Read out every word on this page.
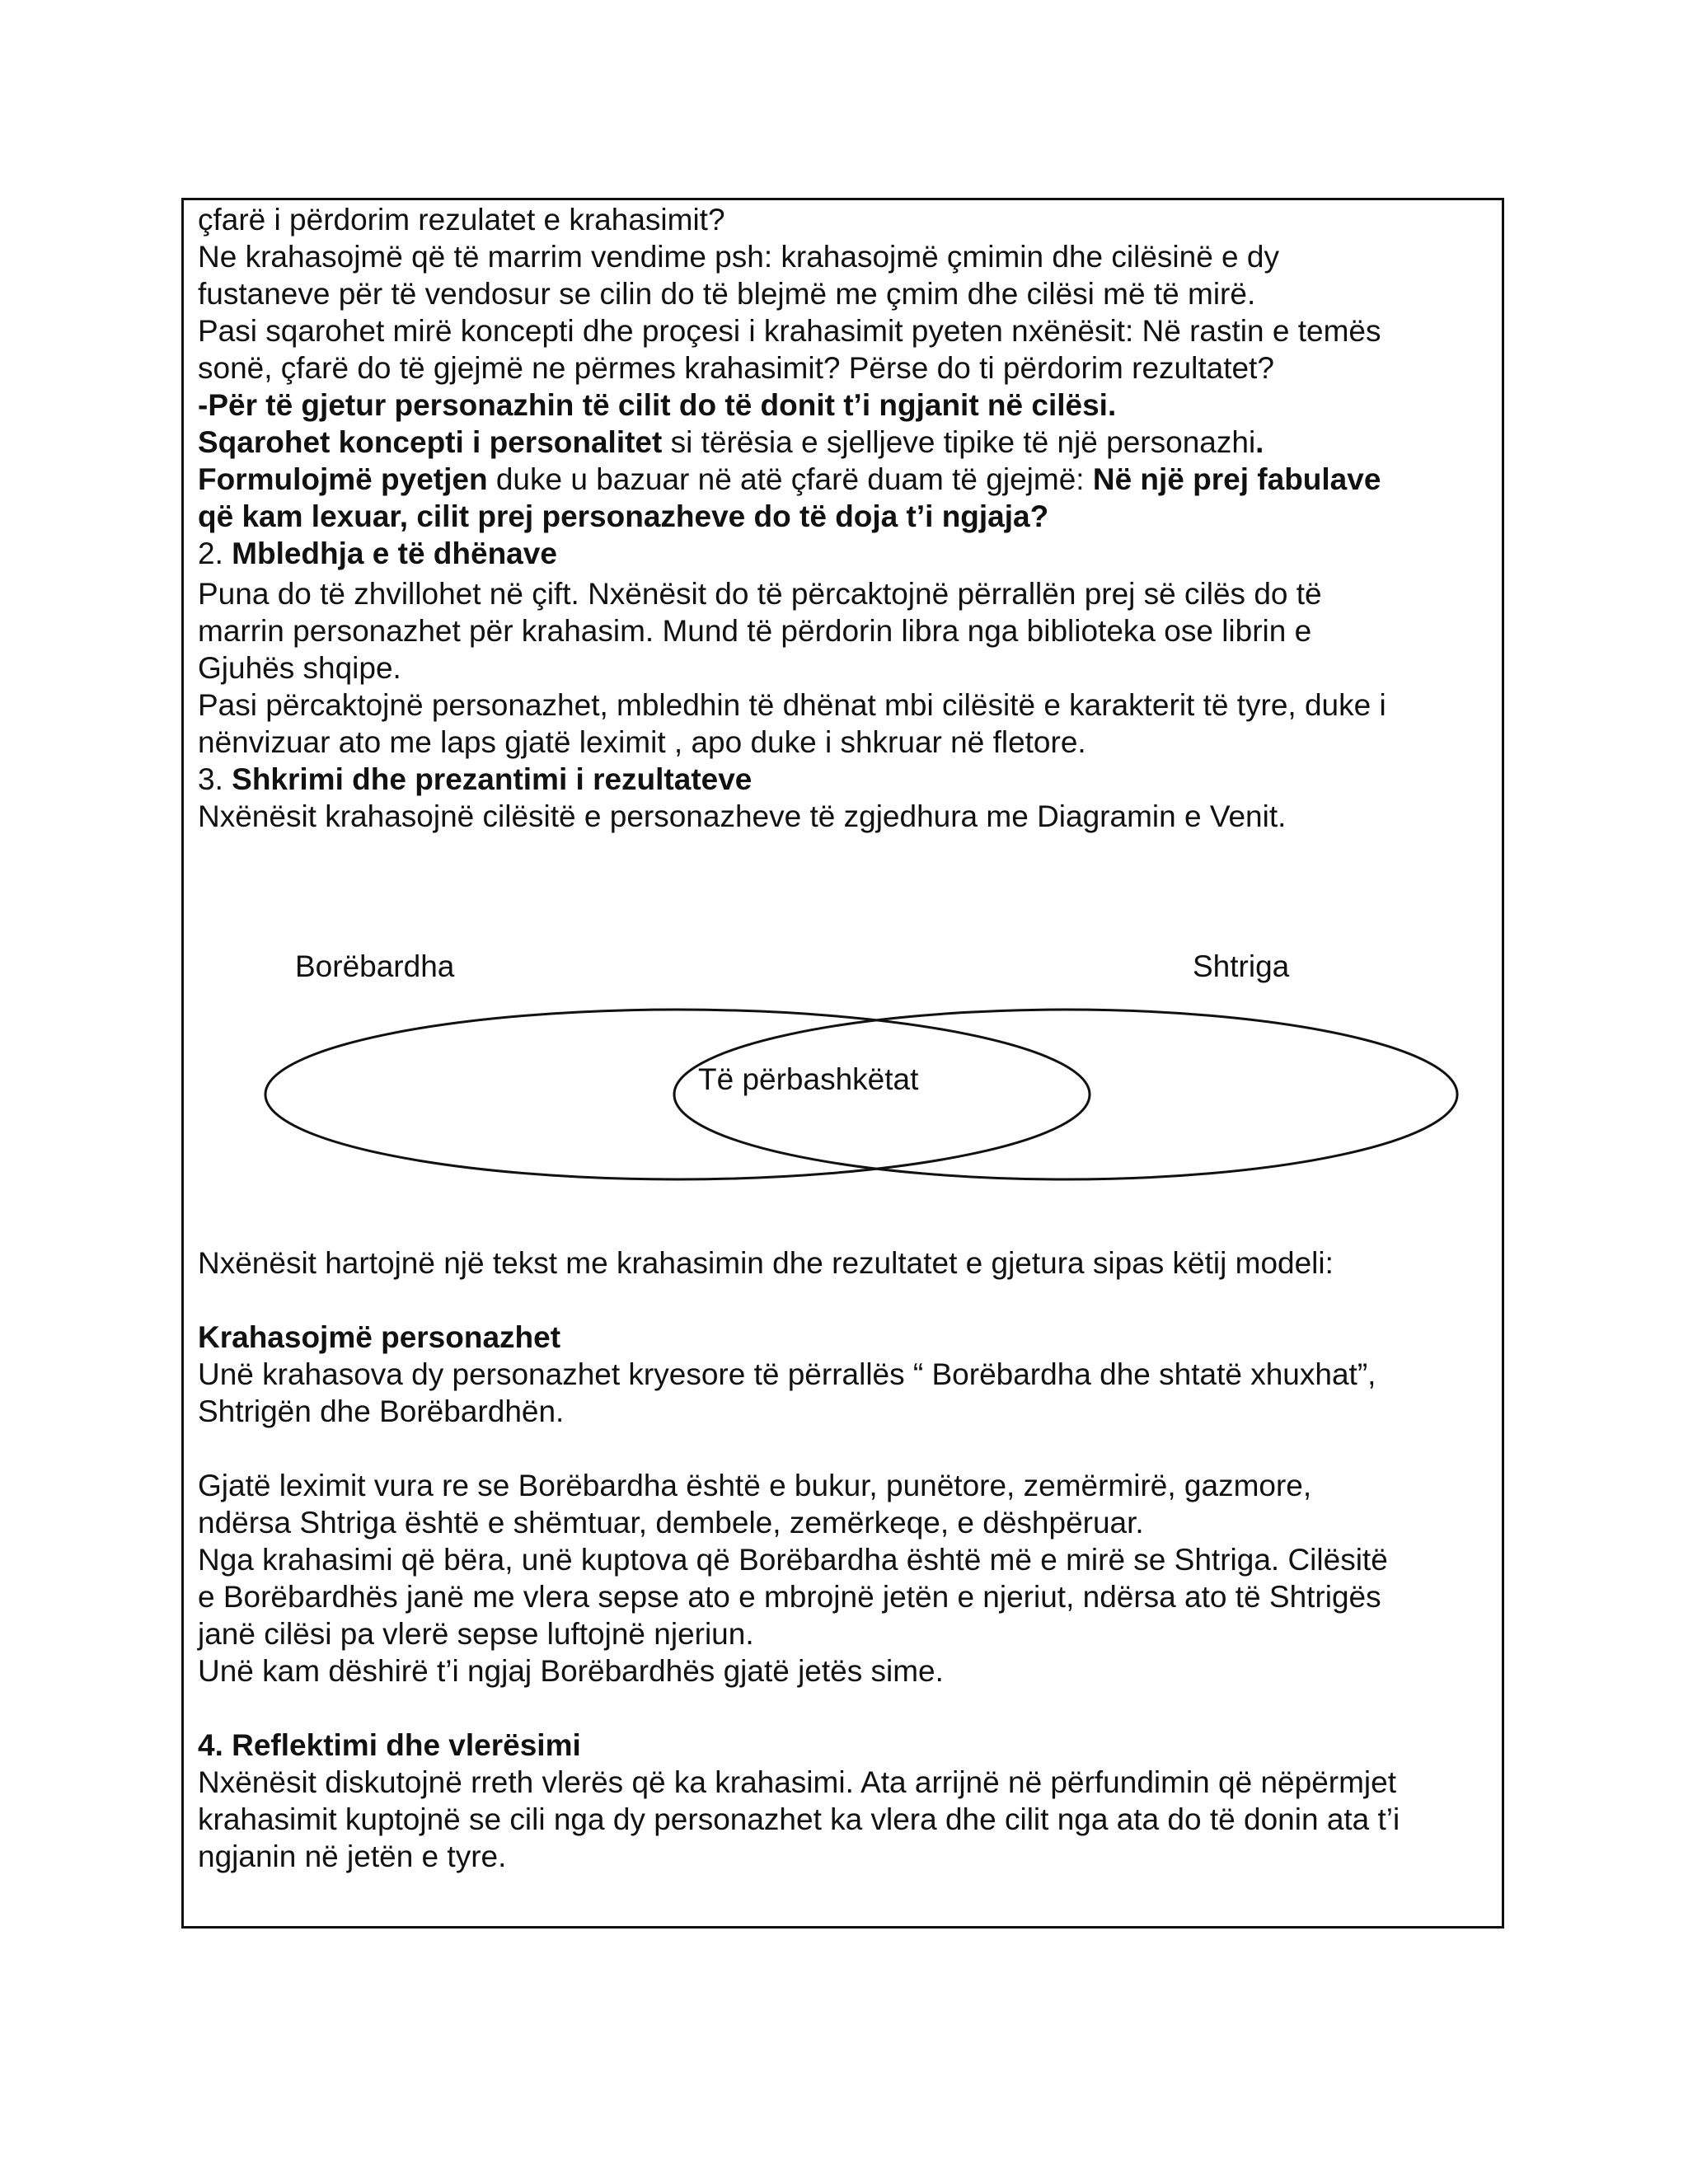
çfarë i përdorim rezulatet e krahasimit?

Ne krahasojmë që të marrim vendime psh: krahasojmë çmimin dhe cilësinë e dy

fustaneve për të vendosur se cilin do të blejmë me çmim dhe cilësi më të mirë.

Pasi sqarohet mirë koncepti dhe proçesi i krahasimit pyeten nxënësit: Në rastin e temës

sonë, çfarë do të gjejmë ne përmes krahasimit? Përse do ti përdorim rezultatet?

-Për të gjetur personazhin të cilit do të donit t’i ngjanit në cilësi.

Sqarohet koncepti i personalitet si tërësia e sjelljeve tipike të një personazhi.

Formulojmë pyetjen duke u bazuar në atë çfarë duam të gjejmë: Në një prej fabulave

që kam lexuar, cilit prej personazheve do të doja t’i ngjaja?

2. Mbledhja e të dhënave

Puna do të zhvillohet në çift. Nxënësit do të përcaktojnë përrallën prej së cilës do të

marrin personazhet për krahasim. Mund të përdorin libra nga biblioteka ose librin e

Gjuhës shqipe.

Pasi përcaktojnë personazhet, mbledhin të dhënat mbi cilësitë e karakterit të tyre, duke i

nënvizuar ato me laps gjatë leximit , apo duke i shkruar në fletore.

3. Shkrimi dhe prezantimi i rezultateve

Nxënësit krahasojnë cilësitë e personazheve të zgjedhura me Diagramin e Venit.

Borëbardha	Shtriga
Të përbashkëtat

Nxënësit hartojnë një tekst me krahasimin dhe rezultatet e gjetura sipas këtij modeli:

Krahasojmë personazhet

Unë krahasova dy personazhet kryesore të përrallës “ Borëbardha dhe shtatë xhuxhat”,

Shtrigën dhe Borëbardhën.

Gjatë leximit vura re se Borëbardha është e bukur, punëtore, zemërmirë, gazmore,

ndërsa Shtriga është e shëmtuar, dembele, zemërkeqe, e dëshpëruar.

Nga krahasimi që bëra, unë kuptova që Borëbardha është më e mirë se Shtriga. Cilësitë

e Borëbardhës janë me vlera sepse ato e mbrojnë jetën e njeriut, ndërsa ato të Shtrigës

janë cilësi pa vlerë sepse luftojnë njeriun.

Unë kam dëshirë t’i ngjaj Borëbardhës gjatë jetës sime.

4. Reflektimi dhe vlerësimi

Nxënësit diskutojnë rreth vlerës që ka krahasimi. Ata arrijnë në përfundimin që nëpërmjet

krahasimit kuptojnë se cili nga dy personazhet ka vlera dhe cilit nga ata do të donin ata t’i

ngjanin në jetën e tyre.
